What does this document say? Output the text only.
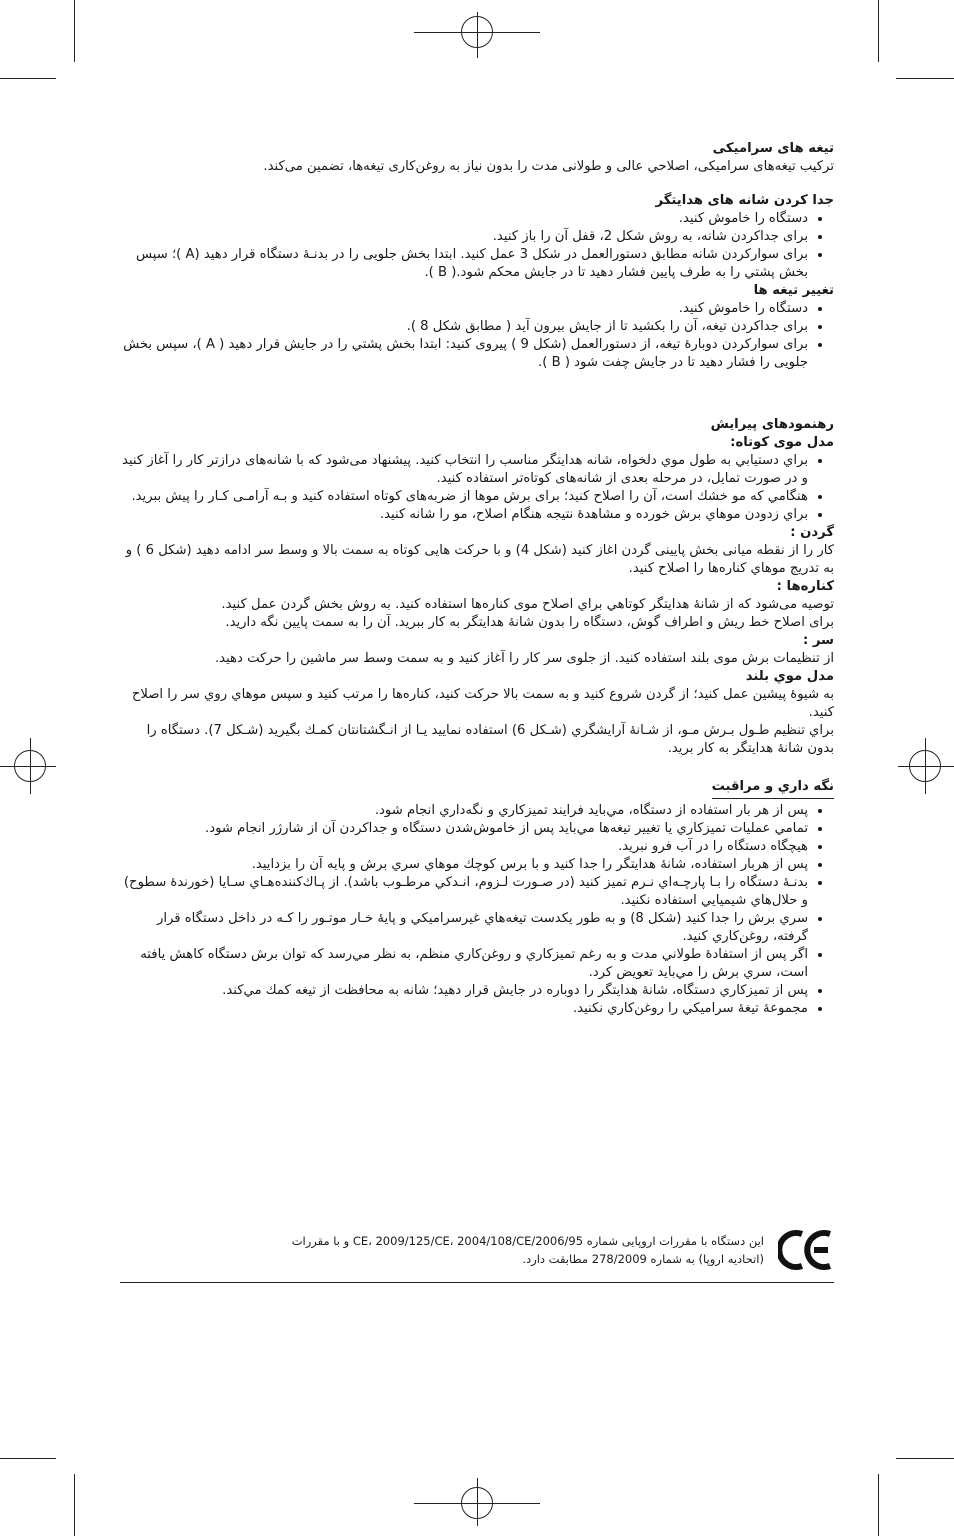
تیغه های سرامیکی

ترکیب تیغه‌های سرامیکی، اصلاحي عالی و طولانی مدت را بدون نیاز به روغن‌کاری تیغه‌ها، تضمین می‌کند.

جدا کردن شانه های هدایتگر

• دستگاه را خاموش کنید.
• برای جداکردن شانه، به روش شکل 2، قفل آن را باز کنید.
• برای سوارکردن شانه مطابق دستورالعمل در شکل 3 عمل کنید. ابتدا بخش جلویی را در بدنـۀ دستگاه قرار دهید (A )؛ سپس بخش پشتي را به طرف پایین فشار دهید تا در جایش محکم شود.( B ).

تغییر تیغه ها

• دستگاه را خاموش کنید.
• برای جداکردن تیغه، آن را بکشید تا از جایش بیرون آید ( مطابق شکل 8 ).
• برای سوارکردن دوبارۀ تیغه، از دستورالعمل (شکل 9 ) پیروی کنید: ابتدا بخش پشتي را در جایش قرار دهید ( A )، سپس بخش جلویی را فشار دهید تا در جایش چفت شود ( B ).

رهنمودهای پیرایش

مدل موی کوتاه:

• براي دستيابي به طول موي دلخواه، شانه هدايتگر مناسب را انتخاب كنيد. پیشنهاد می‌شود که با شانه‌های درازتر کار را آغاز کنید و در صورت تمایل، در مرحله بعدی از شانه‌های کوتاه‌تر استفاده کنید.
• هنگامي که مو خشك است، آن را اصلاح كنيد؛ برای برش موها از ضربه‌های كوتاه استفاده كنيد و بـه آرامـی کـار را پيش ببريد.
• براي زدودن موهاي برش خورده و مشاهدۀ نتيجه هنگام اصلاح، مو را شانه كنيد.

گردن :

کار را از نقطه میانی بخش پایینی گردن اغاز کنید (شکل 4) و با حرکت هایی کوتاه به سمت بالا و وسط سر ادامه دهید (شکل 6 ) و به تدریج موهاي کناره‌ها را اصلاح کنید.

کناره‌ها :

توصیه می‌شود که از شانۀ هدایتگر کوتاهي براي اصلاح موی کناره‌ها استفاده کنید. به روش بخش گردن عمل کنید.

برای اصلاح خط ریش و اطراف گوش، دستگاه را بدون شانۀ هدایتگر به کار ببرید. آن را به سمت پایین نگه دارید.

سر :

از تنظيمات برش موی بلند استفاده كنيد. از جلوی سر كار را آغاز كنيد و به سمت وسط سر ماشين را حركت دهيد.

مدل موي بلند

به شيوۀ پيشين عمل كنيد؛ از گردن شروع كنيد و به سمت بالا حركت كنيد، كناره‌ها را مرتب كنيد و سپس موهاي روي سر را اصلاح كنيد.

براي تنظيم طـول بـرش مـو، از شـانۀ آرايشگري (شـكل 6) استفاده نماييد يـا از انـگشتانتان كمـك بگيريد (شـكل 7). دستگاه را بدون شانۀ هدايتگر به كار بريد.

نگه داري و مراقبت

• پس از هر بار استفاده از دستگاه، مي‌بايد فرايند تميزكاري و نگه‌داري انجام شود.
• تمامي عمليات تميزكاري يا تغيير تيغه‌ها مي‌بايد پس از خاموش‌شدن دستگاه و جداكردن آن از شارژر انجام شود.
• هيچگاه دستگاه را در آب فرو نبريد.
• پس از هربار استفاده، شانۀ هدايتگر را جدا كنيد و با برس كوچك موهاي سري برش و پايه آن را بزداييد.
• بدنـۀ دستگاه را بـا پارچـه‌اي نـرم تميز كنيد (در صـورت لـزوم، انـدكي مرطـوب باشد). از پـاك‌كننده‌هـاي سـايا (خورندۀ سطوح) و حلال‌هاي شيميايي استفاده نكنيد.
• سري برش را جدا كنيد (شكل 8) و به طور يكدست تيغه‌هاي غيرسراميكي و پايۀ خـار موتـور را كـه در داخل دستگاه قرار گرفته، روغن‌كاري كنيد.
• اگر پس از استفادۀ طولاني مدت و به رغم تميزكاري و روغن‌كاري منظم، به نظر مي‌رسد كه توان برش دستگاه كاهش يافته است، سري برش را مي‌بايد تعويض كرد.
• پس از تميزكاري دستگاه، شانۀ هدايتگر را دوباره در جايش قرار دهيد؛ شانه به محافظت از تيغه كمك مي‌كند.
• مجموعۀ تیغۀ سرامیکي را روغن‌كاري نكنيد.
این دستگاه با مقررات اروپایی شماره 2006/95/CE، 2009/125/CE، 2004/108/CE و با مقررات
(اتحادیه اروپا) به شماره 278/2009 مطابقت دارد.
